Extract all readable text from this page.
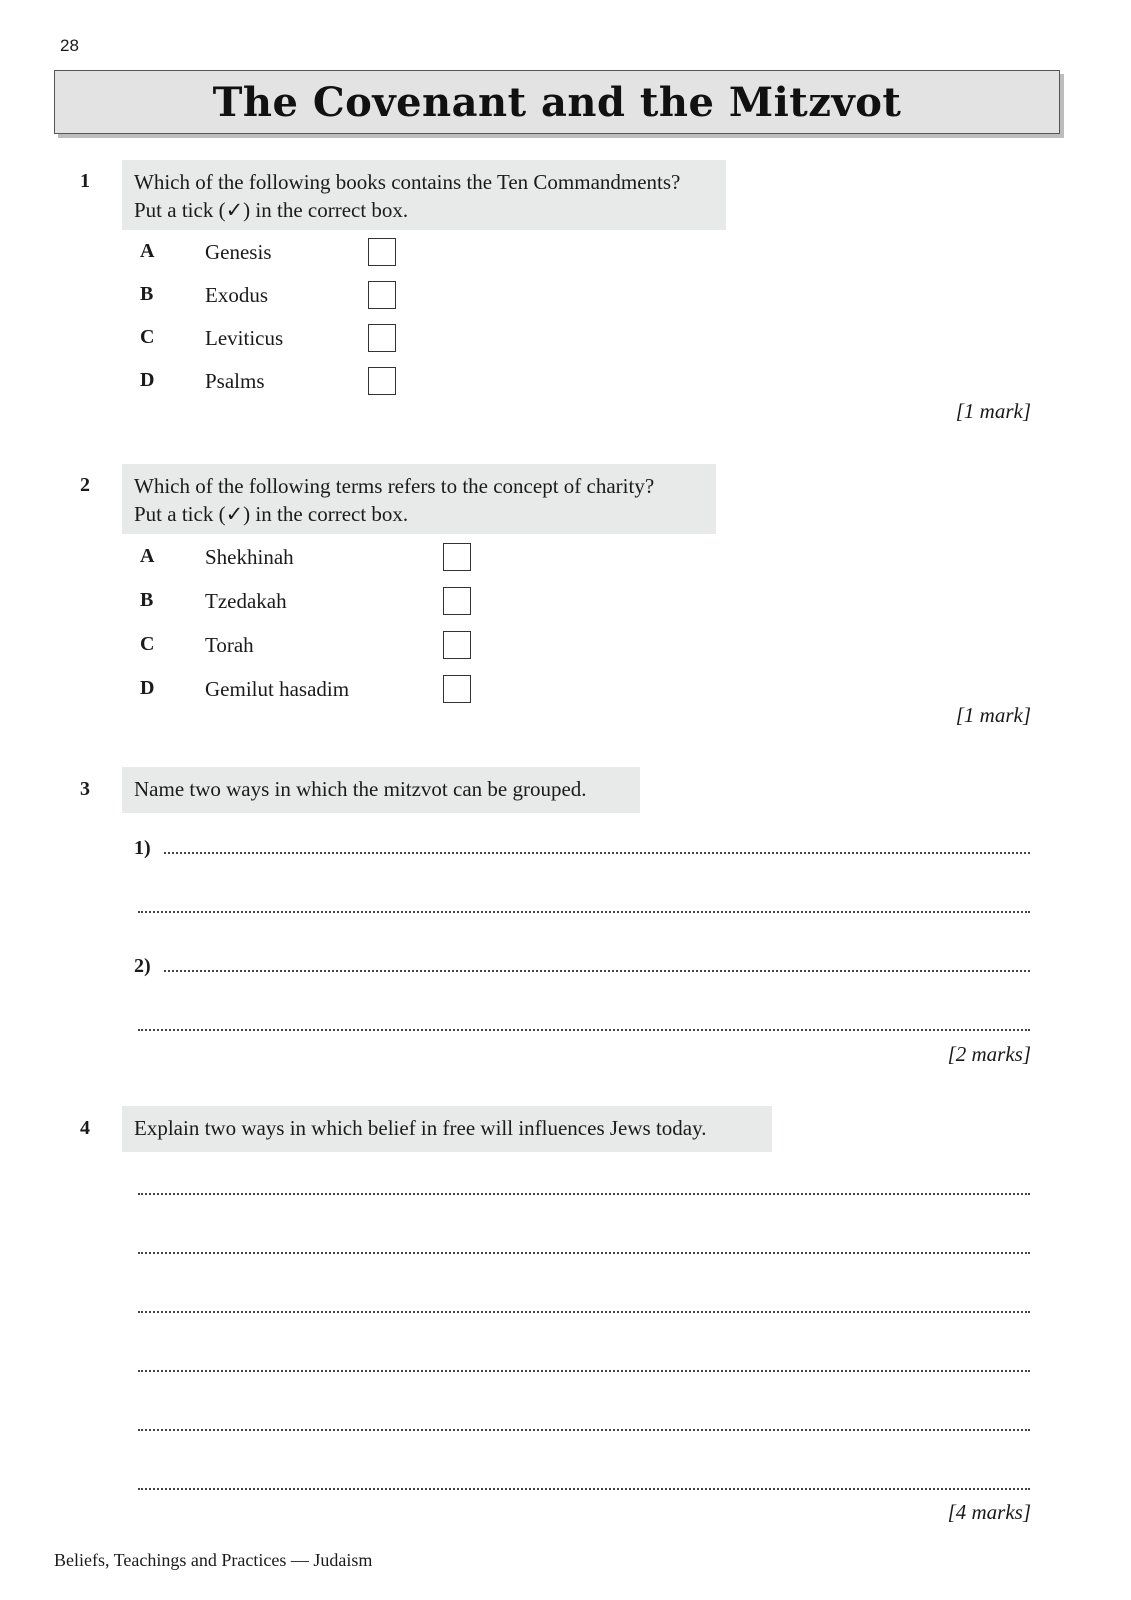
28
The Covenant and the Mitzvot
1 Which of the following books contains the Ten Commandments?
Put a tick (✓) in the correct box.
A Genesis
B Exodus
C Leviticus
D Psalms
[1 mark]
2 Which of the following terms refers to the concept of charity?
Put a tick (✓) in the correct box.
A Shekhinah
B Tzedakah
C Torah
D Gemilut hasadim
[1 mark]
3 Name two ways in which the mitzvot can be grouped.
1)
2)
[2 marks]
4 Explain two ways in which belief in free will influences Jews today.
[4 marks]
Beliefs, Teachings and Practices — Judaism
